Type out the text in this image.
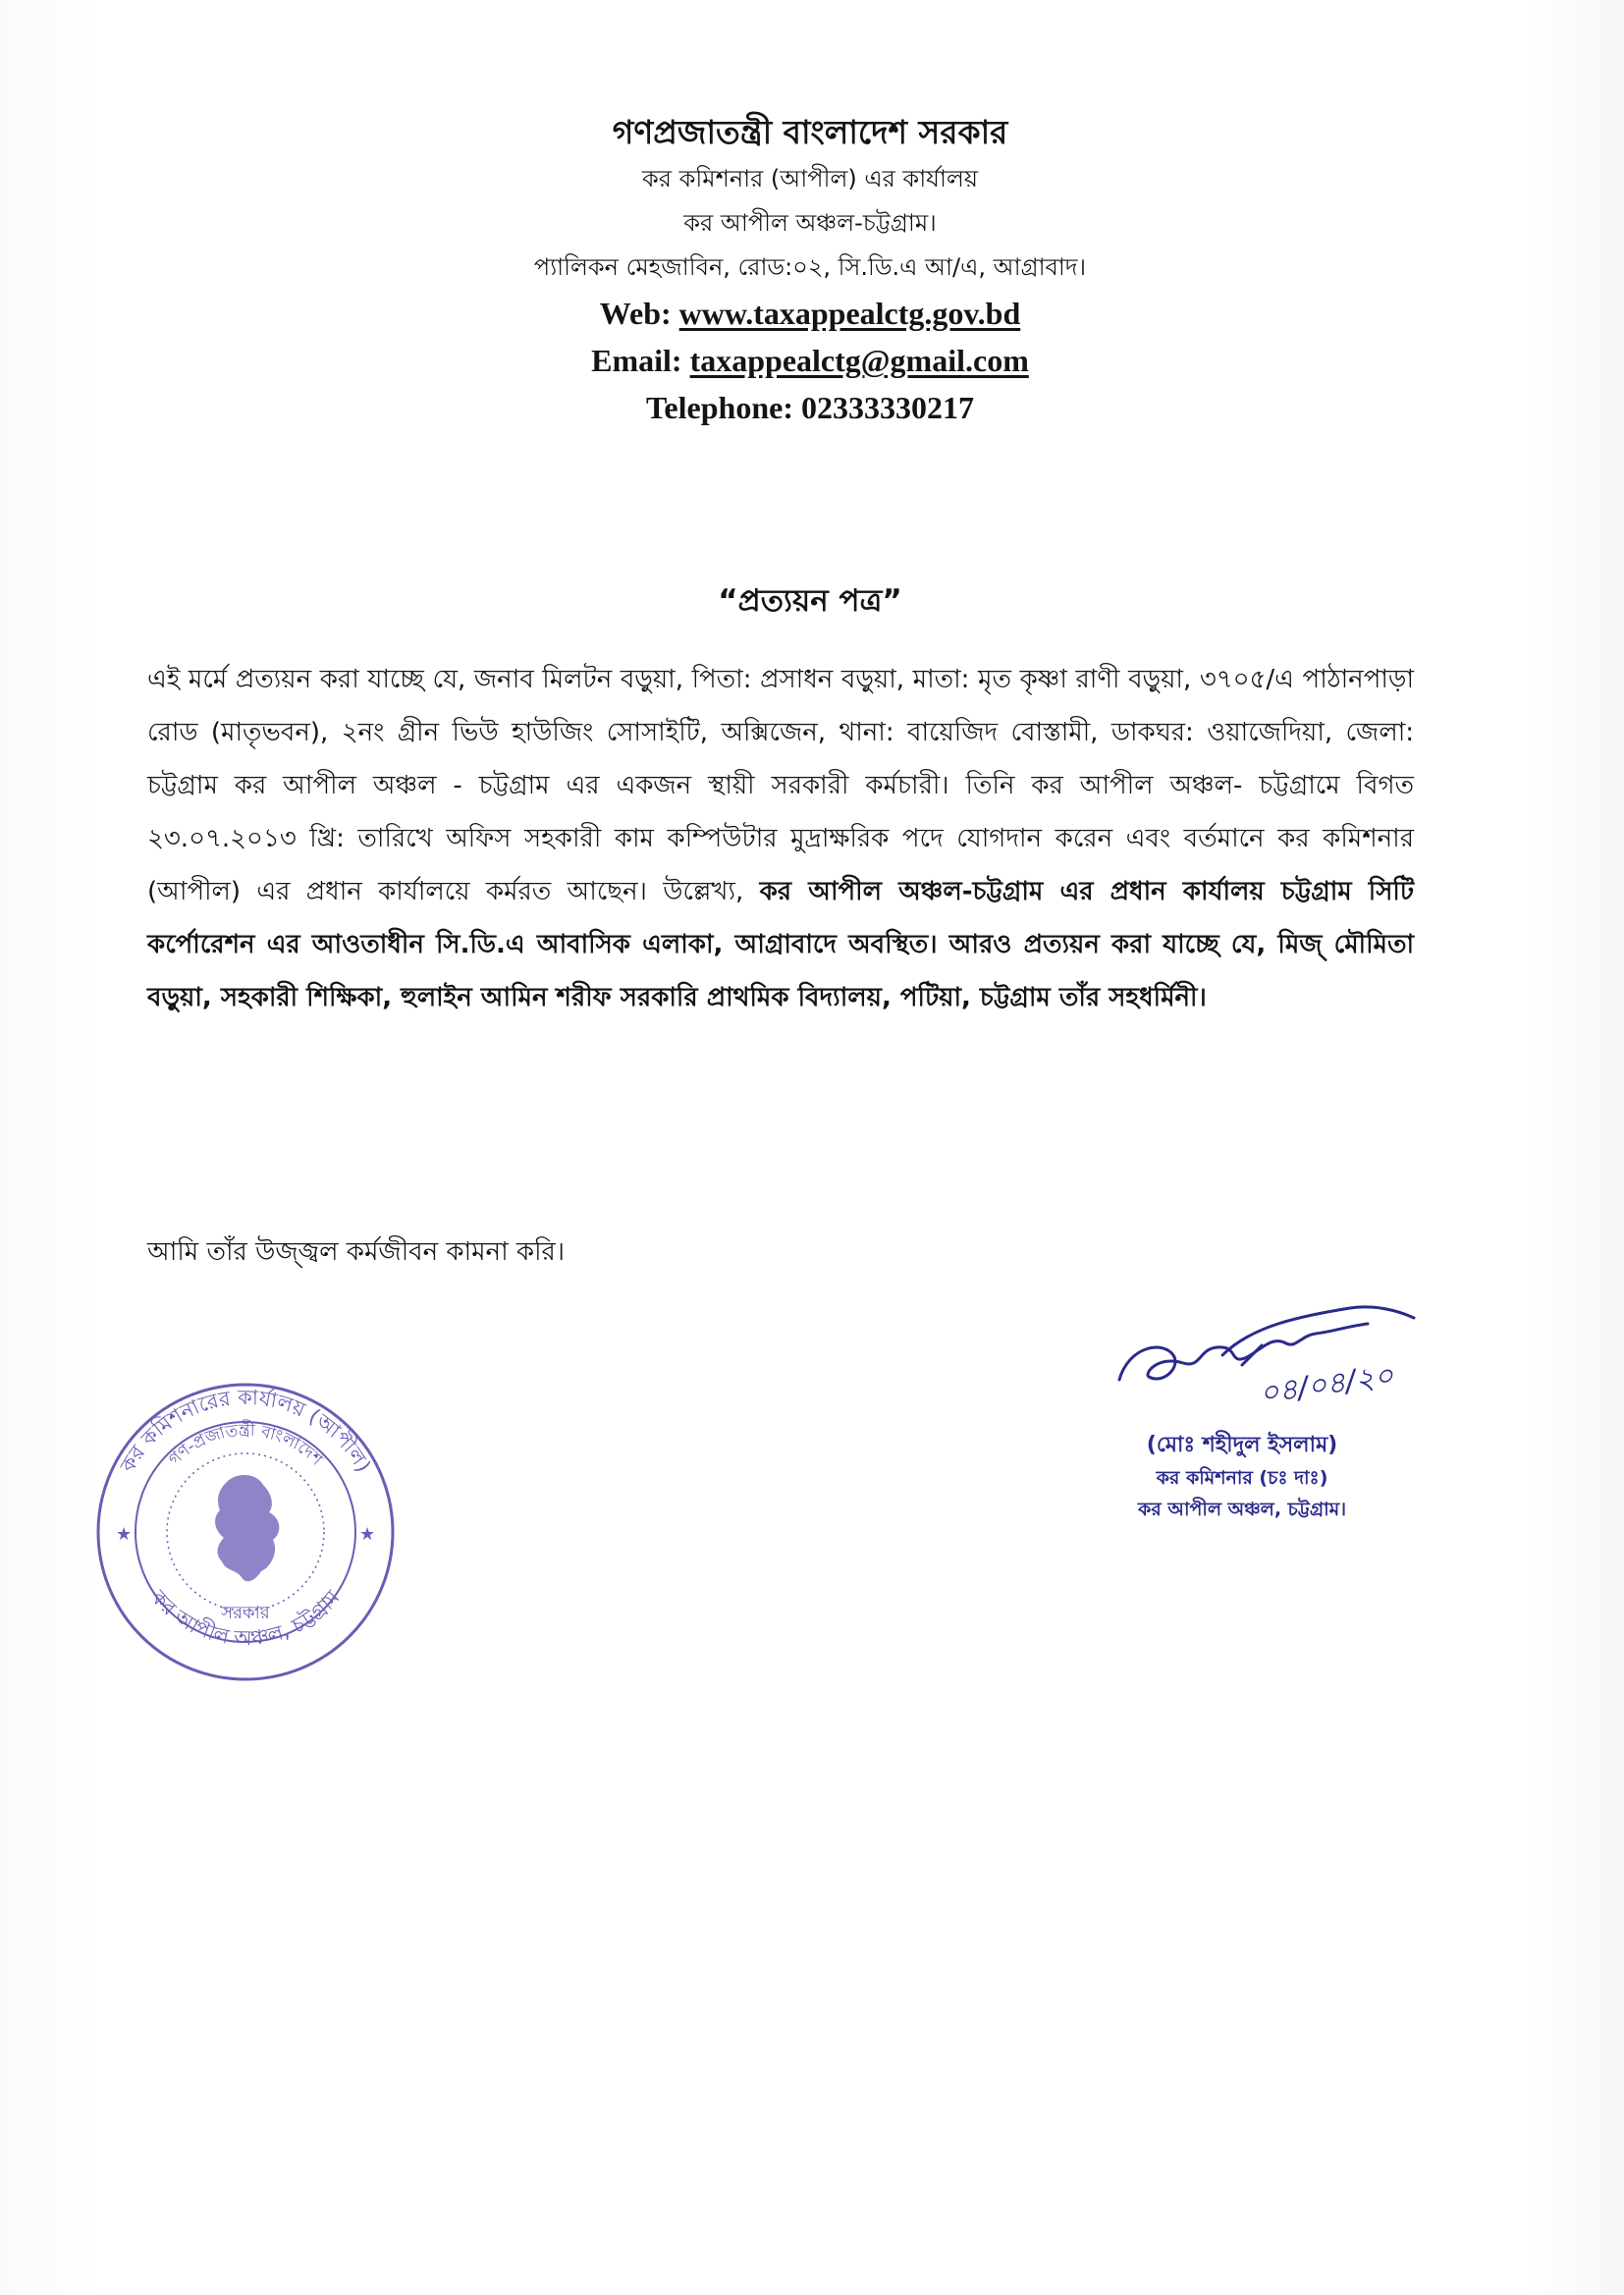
গণপ্রজাতন্ত্রী বাংলাদেশ সরকার

কর কমিশনার (আপীল) এর কার্যালয়

কর আপীল অঞ্চল-চট্টগ্রাম।

প্যালিকন মেহজাবিন, রোড:০২, সি.ডি.এ আ/এ, আগ্রাবাদ।

Web: www.taxappealctg.gov.bd

Email: taxappealctg@gmail.com

Telephone: 02333330217

“প্রত্যয়ন পত্র”

এই মর্মে প্রত্যয়ন করা যাচ্ছে যে, জনাব মিলটন বড়ুয়া, পিতা: প্রসাধন বড়ুয়া, মাতা: মৃত কৃষ্ণা রাণী বড়ুয়া, ৩৭০৫/এ পাঠানপাড়া রোড (মাতৃভবন), ২নং গ্রীন ভিউ হাউজিং সোসাইটি, অক্সিজেন, থানা: বায়েজিদ বোস্তামী, ডাকঘর: ওয়াজেদিয়া, জেলা: চট্টগ্রাম কর আপীল অঞ্চল - চট্টগ্রাম এর একজন স্থায়ী সরকারী কর্মচারী। তিনি কর আপীল অঞ্চল- চট্টগ্রামে বিগত ২৩.০৭.২০১৩ খ্রি: তারিখে অফিস সহকারী কাম কম্পিউটার মুদ্রাক্ষরিক পদে যোগদান করেন এবং বর্তমানে কর কমিশনার (আপীল) এর প্রধান কার্যালয়ে কর্মরত আছেন। উল্লেখ্য, কর আপীল অঞ্চল-চট্টগ্রাম এর প্রধান কার্যালয় চট্টগ্রাম সিটি কর্পোরেশন এর আওতাধীন সি.ডি.এ আবাসিক এলাকা, আগ্রাবাদে অবস্থিত। আরও প্রত্যয়ন করা যাচ্ছে যে, মিজ্ মৌমিতা বড়ুয়া, সহকারী শিক্ষিকা, হুলাইন আমিন শরীফ সরকারি প্রাথমিক বিদ্যালয়, পটিয়া, চট্টগ্রাম তাঁর সহধর্মিনী।

আমি তাঁর উজ্জ্বল কর্মজীবন কামনা করি।

০৪/০৪/২০

(মোঃ শহীদুল ইসলাম)

কর কমিশনার (চঃ দাঃ)

কর আপীল অঞ্চল, চট্টগ্রাম।

কর কমিশনারের কার্যালয় (আপীল)
কর আপীল অঞ্চল, চট্টগ্রাম
গণ-প্রজাতন্ত্রী বাংলাদেশ
সরকার
★	★
